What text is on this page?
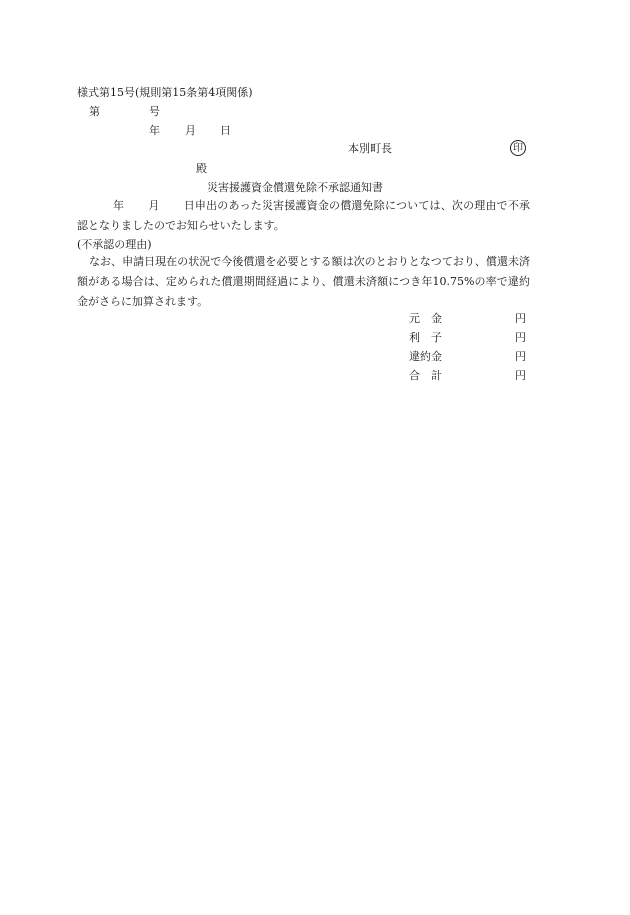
様式第15号(規則第15条第4項関係)
第	号
年 月 日
本別町長	印
殿
災害援護資金償還免除不承認通知書
年 月 日申出のあった災害援護資金の償還免除については、次の理由で不承認となりましたのでお知らせいたします。
(不承認の理由)
なお、申請日現在の状況で今後償還を必要とする額は次のとおりとなつており、償還未済額がある場合は、定められた償還期間経過により、償還未済額につき年10.75%の率で違約金がさらに加算されます。
元　金	円
利　子	円
違約金	円
合　計	円
